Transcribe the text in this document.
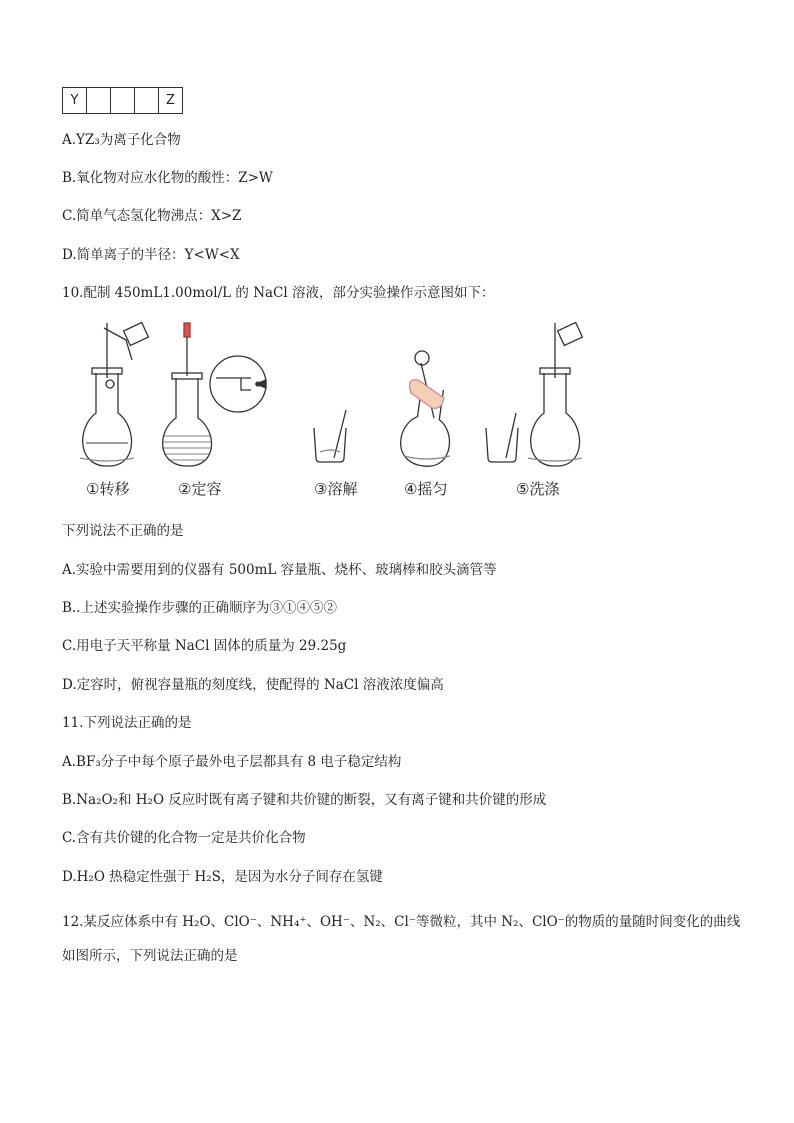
Y				Z
A.YZ₃为离子化合物
B.氧化物对应水化物的酸性：Z>W
C.简单气态氢化物沸点：X>Z
D.简单离子的半径：Y<W<X
10.配制 450mL1.00mol/L 的 NaCl 溶液，部分实验操作示意图如下：
①转移	②定容	③溶解	④摇匀	⑤洗涤
下列说法不正确的是
A.实验中需要用到的仪器有 500mL 容量瓶、烧杯、玻璃棒和胶头滴管等
B..上述实验操作步骤的正确顺序为③①④⑤②
C.用电子天平称量 NaCl 固体的质量为 29.25g
D.定容时，俯视容量瓶的刻度线，使配得的 NaCl 溶液浓度偏高
11.下列说法正确的是
A.BF₃分子中每个原子最外电子层都具有 8 电子稳定结构
B.Na₂O₂和 H₂O 反应时既有离子键和共价键的断裂，又有离子键和共价键的形成
C.含有共价键的化合物一定是共价化合物
D.H₂O 热稳定性强于 H₂S，是因为水分子间存在氢键
12.某反应体系中有 H₂O、ClO⁻、NH₄⁺、OH⁻、N₂、Cl⁻等微粒，其中 N₂、ClO⁻的物质的量随时间变化的曲线
如图所示，下列说法正确的是
